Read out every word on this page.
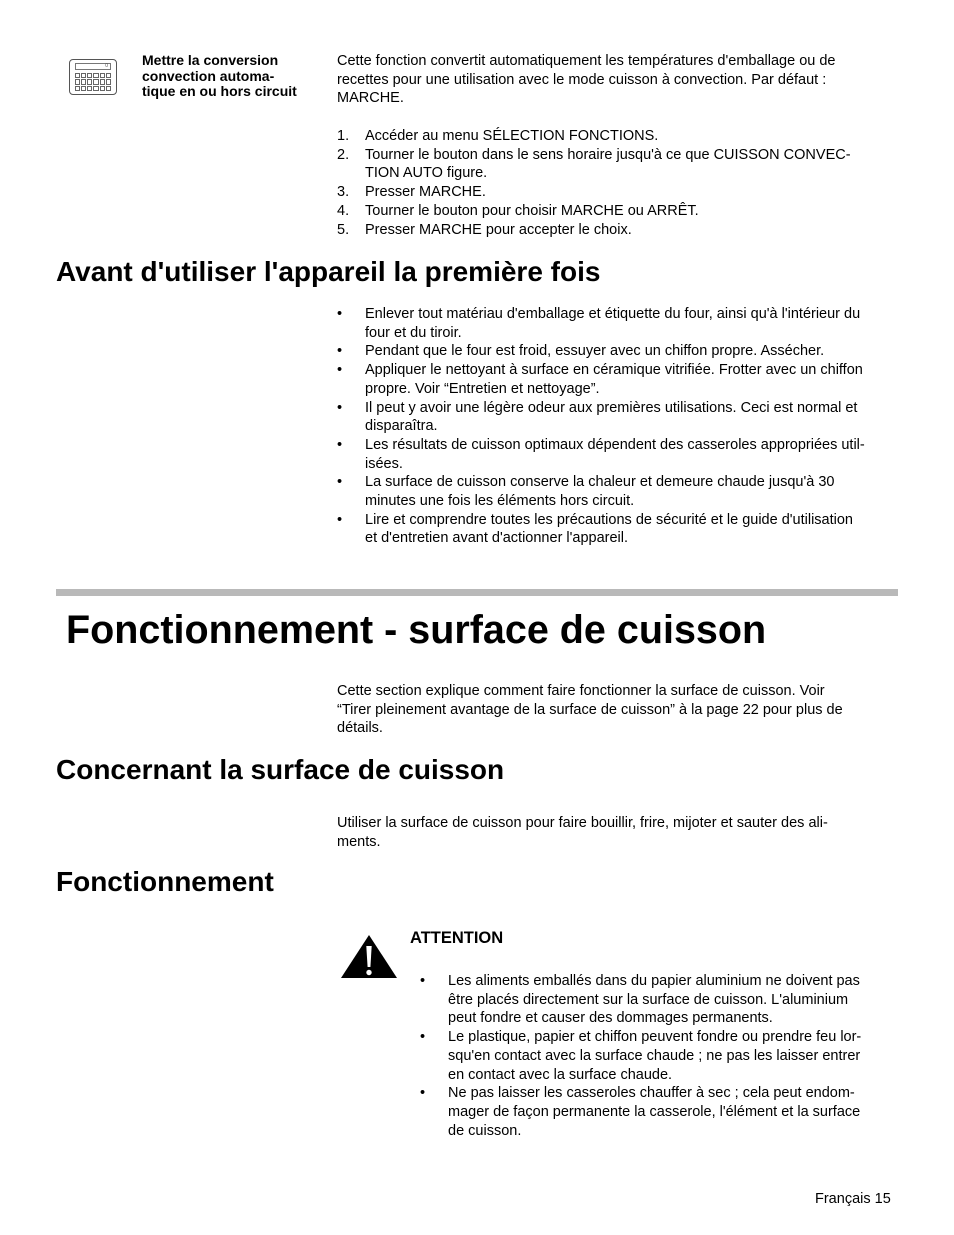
0 Mettre la conversion
convection automa-
tique en ou hors circuit
Cette fonction convertit automatiquement les températures d'emballage ou de
recettes pour une utilisation avec le mode cuisson à convection. Par défaut :
MARCHE.
1.	Accéder au menu SÉLECTION FONCTIONS.
2.	Tourner le bouton dans le sens horaire jusqu'à ce que CUISSON CONVEC-
TION AUTO figure.
3.	Presser MARCHE.
4.	Tourner le bouton pour choisir MARCHE ou ARRÊT.
5.	Presser MARCHE pour accepter le choix.
Avant d'utiliser l'appareil la première fois
•	Enlever tout matériau d'emballage et étiquette du four, ainsi qu'à l'intérieur du
four et du tiroir.
•	Pendant que le four est froid, essuyer avec un chiffon propre. Assécher.
•	Appliquer le nettoyant à surface en céramique vitrifiée. Frotter avec un chiffon
propre. Voir “Entretien et nettoyage”.
•	Il peut y avoir une légère odeur aux premières utilisations. Ceci est normal et
disparaîtra.
•	Les résultats de cuisson optimaux dépendent des casseroles appropriées util-
isées.
•	La surface de cuisson conserve la chaleur et demeure chaude jusqu'à 30
minutes une fois les éléments hors circuit.
•	Lire et comprendre toutes les précautions de sécurité et le guide d'utilisation
et d'entretien avant d'actionner l'appareil.
Fonctionnement - surface de cuisson
Cette section explique comment faire fonctionner la surface de cuisson. Voir
“Tirer pleinement avantage de la surface de cuisson” à la page 22 pour plus de
détails.
Concernant la surface de cuisson
Utiliser la surface de cuisson pour faire bouillir, frire, mijoter et sauter des ali-
ments.
Fonctionnement
ATTENTION
•	Les aliments emballés dans du papier aluminium ne doivent pas
être placés directement sur la surface de cuisson. L'aluminium
peut fondre et causer des dommages permanents.
•	Le plastique, papier et chiffon peuvent fondre ou prendre feu lor-
squ'en contact avec la surface chaude ; ne pas les laisser entrer
en contact avec la surface chaude.
•	Ne pas laisser les casseroles chauffer à sec ; cela peut endom-
mager de façon permanente la casserole, l'élément et la surface
de cuisson.
Français 15
